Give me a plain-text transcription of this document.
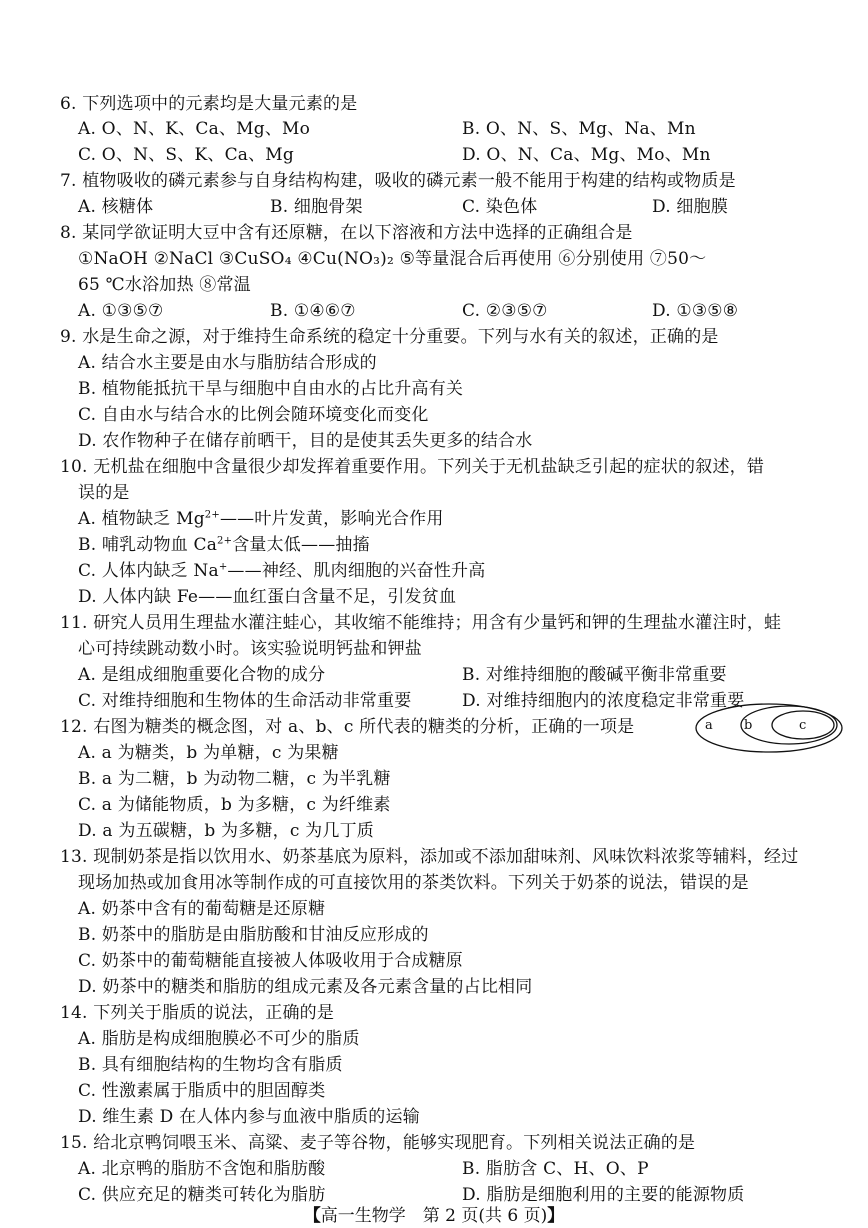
6. 下列选项中的元素均是大量元素的是
A. O、N、K、Ca、Mg、Mo	B. O、N、S、Mg、Na、Mn
C. O、N、S、K、Ca、Mg	D. O、N、Ca、Mg、Mo、Mn
7. 植物吸收的磷元素参与自身结构构建，吸收的磷元素一般不能用于构建的结构或物质是
A. 核糖体	B. 细胞骨架	C. 染色体	D. 细胞膜
8. 某同学欲证明大豆中含有还原糖，在以下溶液和方法中选择的正确组合是
①NaOH ②NaCl ③CuSO₄ ④Cu(NO₃)₂ ⑤等量混合后再使用 ⑥分别使用 ⑦50～
65 ℃水浴加热 ⑧常温
A. ①③⑤⑦	B. ①④⑥⑦	C. ②③⑤⑦	D. ①③⑤⑧
9. 水是生命之源，对于维持生命系统的稳定十分重要。下列与水有关的叙述，正确的是
A. 结合水主要是由水与脂肪结合形成的
B. 植物能抵抗干旱与细胞中自由水的占比升高有关
C. 自由水与结合水的比例会随环境变化而变化
D. 农作物种子在储存前晒干，目的是使其丢失更多的结合水
10. 无机盐在细胞中含量很少却发挥着重要作用。下列关于无机盐缺乏引起的症状的叙述，错
误的是
A. 植物缺乏 $Mg^{2+}——$叶片发黄，影响光合作用
B. 哺乳动物血 $Ca^{2+}$含量太低——抽搐
C. 人体内缺乏 Na+——神经、肌肉细胞的兴奋性升高
D. 人体内缺 Fe——血红蛋白含量不足，引发贫血
11. 研究人员用生理盐水灌注蛙心，其收缩不能维持；用含有少量钙和钾的生理盐水灌注时，蛙
心可持续跳动数小时。该实验说明钙盐和钾盐
A. 是组成细胞重要化合物的成分	B. 对维持细胞的酸碱平衡非常重要
C. 对维持细胞和生物体的生命活动非常重要	D. 对维持细胞内的浓度稳定非常重要
12. 右图为糖类的概念图，对 a、b、c 所代表的糖类的分析，正确的一项是
A. a 为糖类，b 为单糖，c 为果糖
B. a 为二糖，b 为动物二糖，c 为半乳糖
C. a 为储能物质，b 为多糖，c 为纤维素
D. a 为五碳糖，b 为多糖，c 为几丁质
a b	c
13. 现制奶茶是指以饮用水、奶茶基底为原料，添加或不添加甜味剂、风味饮料浓浆等辅料，经过
现场加热或加食用冰等制作成的可直接饮用的茶类饮料。下列关于奶茶的说法，错误的是
A. 奶茶中含有的葡萄糖是还原糖
B. 奶茶中的脂肪是由脂肪酸和甘油反应形成的
C. 奶茶中的葡萄糖能直接被人体吸收用于合成糖原
D. 奶茶中的糖类和脂肪的组成元素及各元素含量的占比相同
14. 下列关于脂质的说法，正确的是
A. 脂肪是构成细胞膜必不可少的脂质
B. 具有细胞结构的生物均含有脂质
C. 性激素属于脂质中的胆固醇类
D. 维生素 D 在人体内参与血液中脂质的运输
15. 给北京鸭饲喂玉米、高粱、麦子等谷物，能够实现肥育。下列相关说法正确的是
A. 北京鸭的脂肪不含饱和脂肪酸	B. 脂肪含 C、H、O、P
C. 供应充足的糖类可转化为脂肪	D. 脂肪是细胞利用的主要的能源物质
【高一生物学　第 2 页(共 6 页)】
